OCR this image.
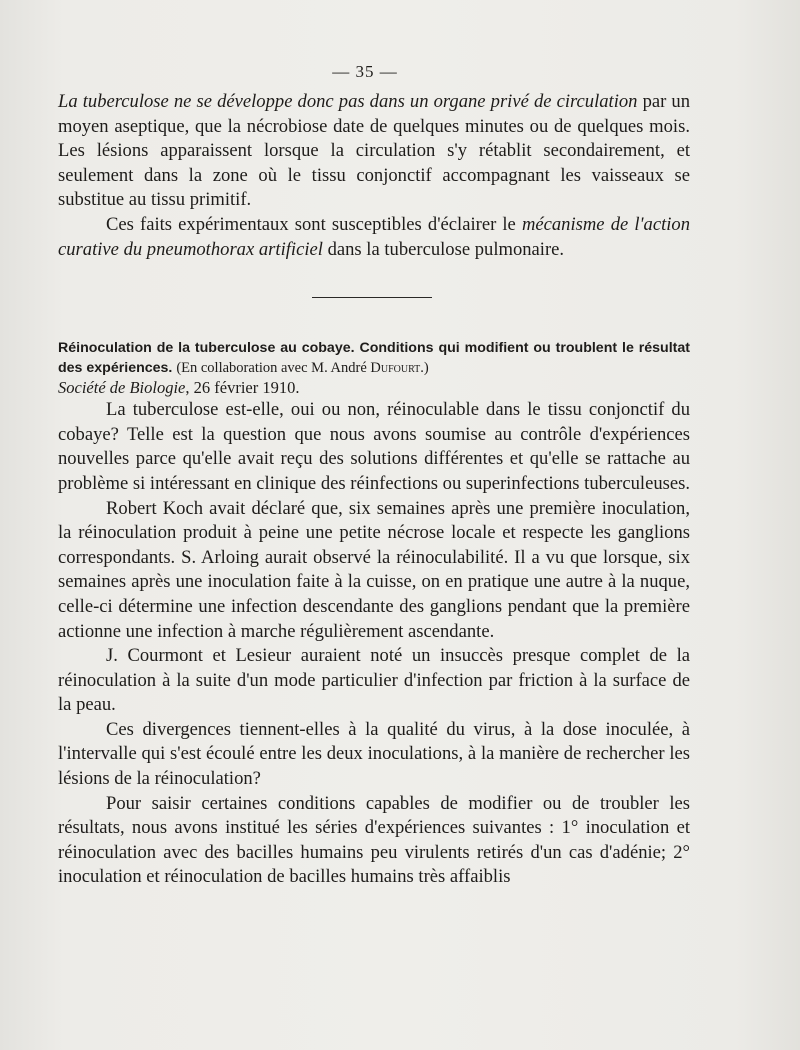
— 35 —

La tuberculose ne se développe donc pas dans un organe privé de circulation par un moyen aseptique, que la nécrobiose date de quelques minutes ou de quelques mois. Les lésions apparaissent lorsque la circulation s'y rétablit secondairement, et seulement dans la zone où le tissu conjonctif accompagnant les vaisseaux se substitue au tissu primitif.

Ces faits expérimentaux sont susceptibles d'éclairer le mécanisme de l'action curative du pneumothorax artificiel dans la tuberculose pulmonaire.

Réinoculation de la tuberculose au cobaye. Conditions qui modifient ou troublent le résultat des expériences. (En collaboration avec M. André Dufourt.)

Société de Biologie, 26 février 1910.

La tuberculose est-elle, oui ou non, réinoculable dans le tissu conjonctif du cobaye? Telle est la question que nous avons soumise au contrôle d'expériences nouvelles parce qu'elle avait reçu des solutions différentes et qu'elle se rattache au problème si intéressant en clinique des réinfections ou superinfections tuberculeuses.

Robert Koch avait déclaré que, six semaines après une première inoculation, la réinoculation produit à peine une petite nécrose locale et respecte les ganglions correspondants. S. Arloing aurait observé la réinoculabilité. Il a vu que lorsque, six semaines après une inoculation faite à la cuisse, on en pratique une autre à la nuque, celle-ci détermine une infection descendante des ganglions pendant que la première actionne une infection à marche régulièrement ascendante.

J. Courmont et Lesieur auraient noté un insuccès presque complet de la réinoculation à la suite d'un mode particulier d'infection par friction à la surface de la peau.

Ces divergences tiennent-elles à la qualité du virus, à la dose inoculée, à l'intervalle qui s'est écoulé entre les deux inoculations, à la manière de rechercher les lésions de la réinoculation?

Pour saisir certaines conditions capables de modifier ou de troubler les résultats, nous avons institué les séries d'expériences suivantes : 1° inoculation et réinoculation avec des bacilles humains peu virulents retirés d'un cas d'adénie; 2° inoculation et réinoculation de bacilles humains très affaiblis
